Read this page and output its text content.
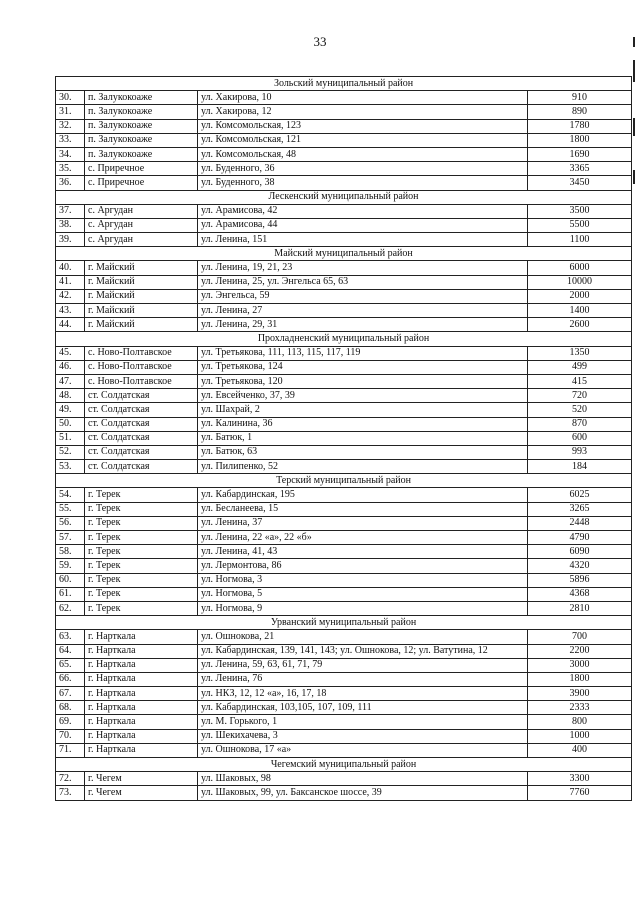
33
Зольский муниципальный район			
30.	п. Залукокоаже	ул. Хакирова, 10	910
31.	п. Залукокоаже	ул. Хакирова, 12	890
32.	п. Залукокоаже	ул. Комсомольская, 123	1780
33.	п. Залукокоаже	ул. Комсомольская, 121	1800
34.	п. Залукокоаже	ул. Комсомольская, 48	1690
35.	с. Приречное	ул. Буденного, 36	3365
36.	с. Приречное	ул. Буденного, 38	3450
Лескенский муниципальный район			
37.	с. Аргудан	ул. Арамисова, 42	3500
38.	с. Аргудан	ул. Арамисова, 44	5500
39.	с. Аргудан	ул. Ленина, 151	1100
Майский муниципальный район			
40.	г. Майский	ул. Ленина, 19, 21, 23	6000
41.	г. Майский	ул. Ленина, 25, ул. Энгельса 65, 63	10000
42.	г. Майский	ул. Энгельса, 59	2000
43.	г. Майский	ул. Ленина, 27	1400
44.	г. Майский	ул. Ленина, 29, 31	2600
Прохладненский муниципальный район			
45.	с. Ново-Полтавское	ул. Третьякова, 111, 113, 115, 117, 119	1350
46.	с. Ново-Полтавское	ул. Третьякова, 124	499
47.	с. Ново-Полтавское	ул. Третьякова, 120	415
48.	ст. Солдатская	ул. Евсейченко, 37, 39	720
49.	ст. Солдатская	ул. Шахрай, 2	520
50.	ст. Солдатская	ул. Калинина, 36	870
51.	ст. Солдатская	ул. Батюк, 1	600
52.	ст. Солдатская	ул. Батюк, 63	993
53.	ст. Солдатская	ул. Пилипенко, 52	184
Терский муниципальный район			
54.	г. Терек	ул. Кабардинская, 195	6025
55.	г. Терек	ул. Бесланеева, 15	3265
56.	г. Терек	ул. Ленина, 37	2448
57.	г. Терек	ул. Ленина, 22 «а», 22 «б»	4790
58.	г. Терек	ул. Ленина, 41, 43	6090
59.	г. Терек	ул. Лермонтова, 86	4320
60.	г. Терек	ул. Ногмова, 3	5896
61.	г. Терек	ул. Ногмова, 5	4368
62.	г. Терек	ул. Ногмова, 9	2810
Урванский муниципальный район			
63.	г. Нарткала	ул. Ошнокова, 21	700
64.	г. Нарткала	ул. Кабардинская, 139, 141, 143; ул. Ошнокова, 12; ул. Ватутина, 12	2200
65.	г. Нарткала	ул. Ленина, 59, 63, 61, 71, 79	3000
66.	г. Нарткала	ул. Ленина, 76	1800
67.	г. Нарткала	ул. НКЗ, 12, 12 «а», 16, 17, 18	3900
68.	г. Нарткала	ул. Кабардинская, 103,105, 107, 109, 111	2333
69.	г. Нарткала	ул. М. Горького, 1	800
70.	г. Нарткала	ул. Шекихачева, 3	1000
71.	г. Нарткала	ул. Ошнокова, 17 «а»	400
Чегемский муниципальный район			
72.	г. Чегем	ул. Шаковых, 98	3300
73.	г. Чегем	ул. Шаковых, 99, ул. Баксанское шоссе, 39	7760
